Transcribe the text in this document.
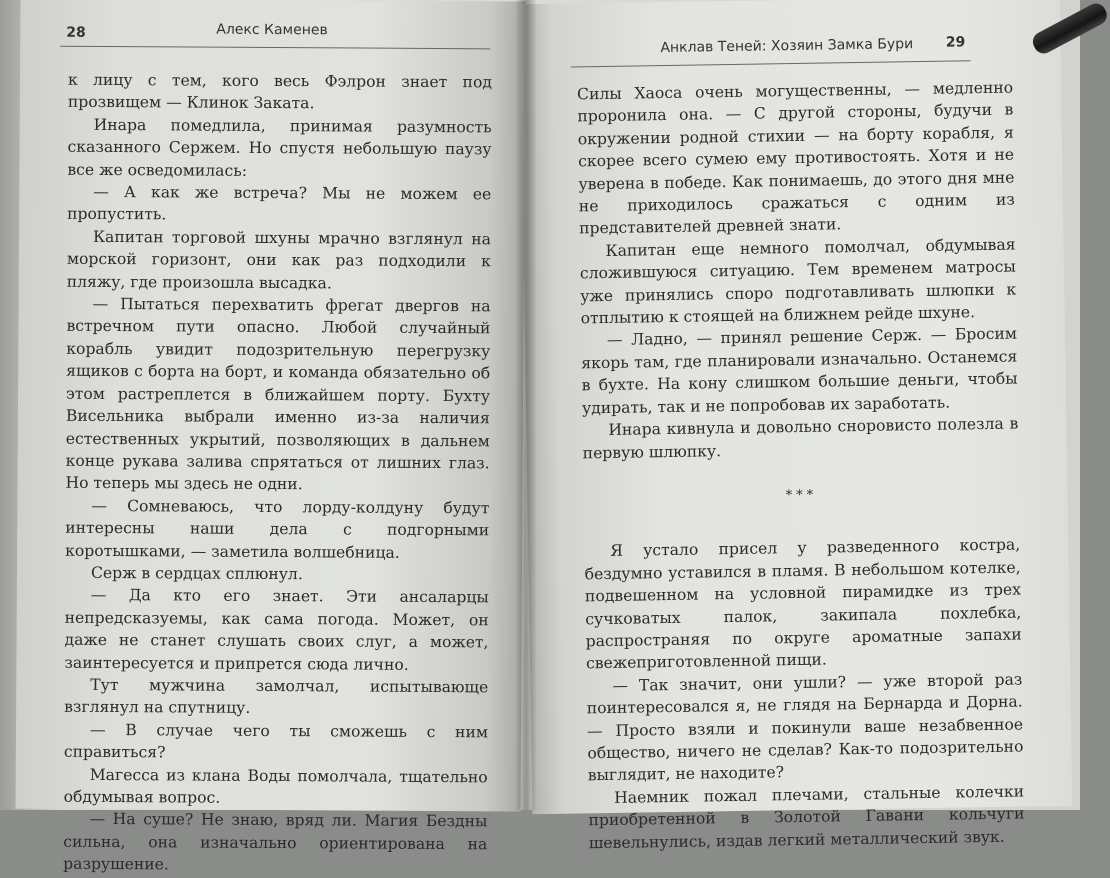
28	Алекс Каменев

к лицу с тем, кого весь Фэлрон знает под прозвищем — Клинок Заката.

Инара помедлила, принимая разумность сказанного Сержем. Но спустя небольшую паузу все же осведомилась:

— А как же встреча? Мы не можем ее пропустить.

Капитан торговой шхуны мрачно взглянул на морской горизонт, они как раз подходили к пляжу, где произошла высадка.

— Пытаться перехватить фрегат двергов на встречном пути опасно. Любой случайный корабль увидит подозрительную перегрузку ящиков с борта на борт, и команда обязательно об этом растреплется в ближайшем порту. Бухту Висельника выбрали именно из-за наличия естественных укрытий, позволяющих в дальнем конце рукава залива спрятаться от лишних глаз. Но теперь мы здесь не одни.

— Сомневаюсь, что лорду-колдуну будут интересны наши дела с подгорными коротышками, — заметила волшебница.

Серж в сердцах сплюнул.

— Да кто его знает. Эти ансаларцы непредсказуемы, как сама погода. Может, он даже не станет слушать своих слуг, а может, заинтересуется и припрется сюда лично.

Тут мужчина замолчал, испытывающе взглянул на спутницу.

— В случае чего ты сможешь с ним справиться?

Магесса из клана Воды помолчала, тщательно обдумывая вопрос.

— На суше? Не знаю, вряд ли. Магия Бездны сильна, она изначально ориентирована на разрушение.

Анклав Теней: Хозяин Замка Бури 29

Силы Хаоса очень могущественны, — медленно проронила она. — С другой стороны, будучи в окружении родной стихии — на борту корабля, я скорее всего сумею ему противостоять. Хотя и не уверена в победе. Как понимаешь, до этого дня мне не приходилось сражаться с одним из представителей древней знати.

Капитан еще немного помолчал, обдумывая сложившуюся ситуацию. Тем временем матросы уже принялись споро подготавливать шлюпки к отплытию к стоящей на ближнем рейде шхуне.

— Ладно, — принял решение Серж. — Бросим якорь там, где планировали изначально. Останемся в бухте. На кону слишком большие деньги, чтобы удирать, так и не попробовав их заработать.

Инара кивнула и довольно сноровисто полезла в первую шлюпку.

***

Я устало присел у разведенного костра, бездумно уставился в пламя. В небольшом котелке, подвешенном на условной пирамидке из трех сучковатых палок, закипала похлебка, распространяя по округе ароматные запахи свежеприготовленной пищи.

— Так значит, они ушли? — уже второй раз поинтересовался я, не глядя на Бернарда и Дорна. — Просто взяли и покинули ваше незабвенное общество, ничего не сделав? Как-то подозрительно выглядит, не находите?

Наемник пожал плечами, стальные колечки приобретенной в Золотой Гавани кольчуги шевельнулись, издав легкий металлический звук.
